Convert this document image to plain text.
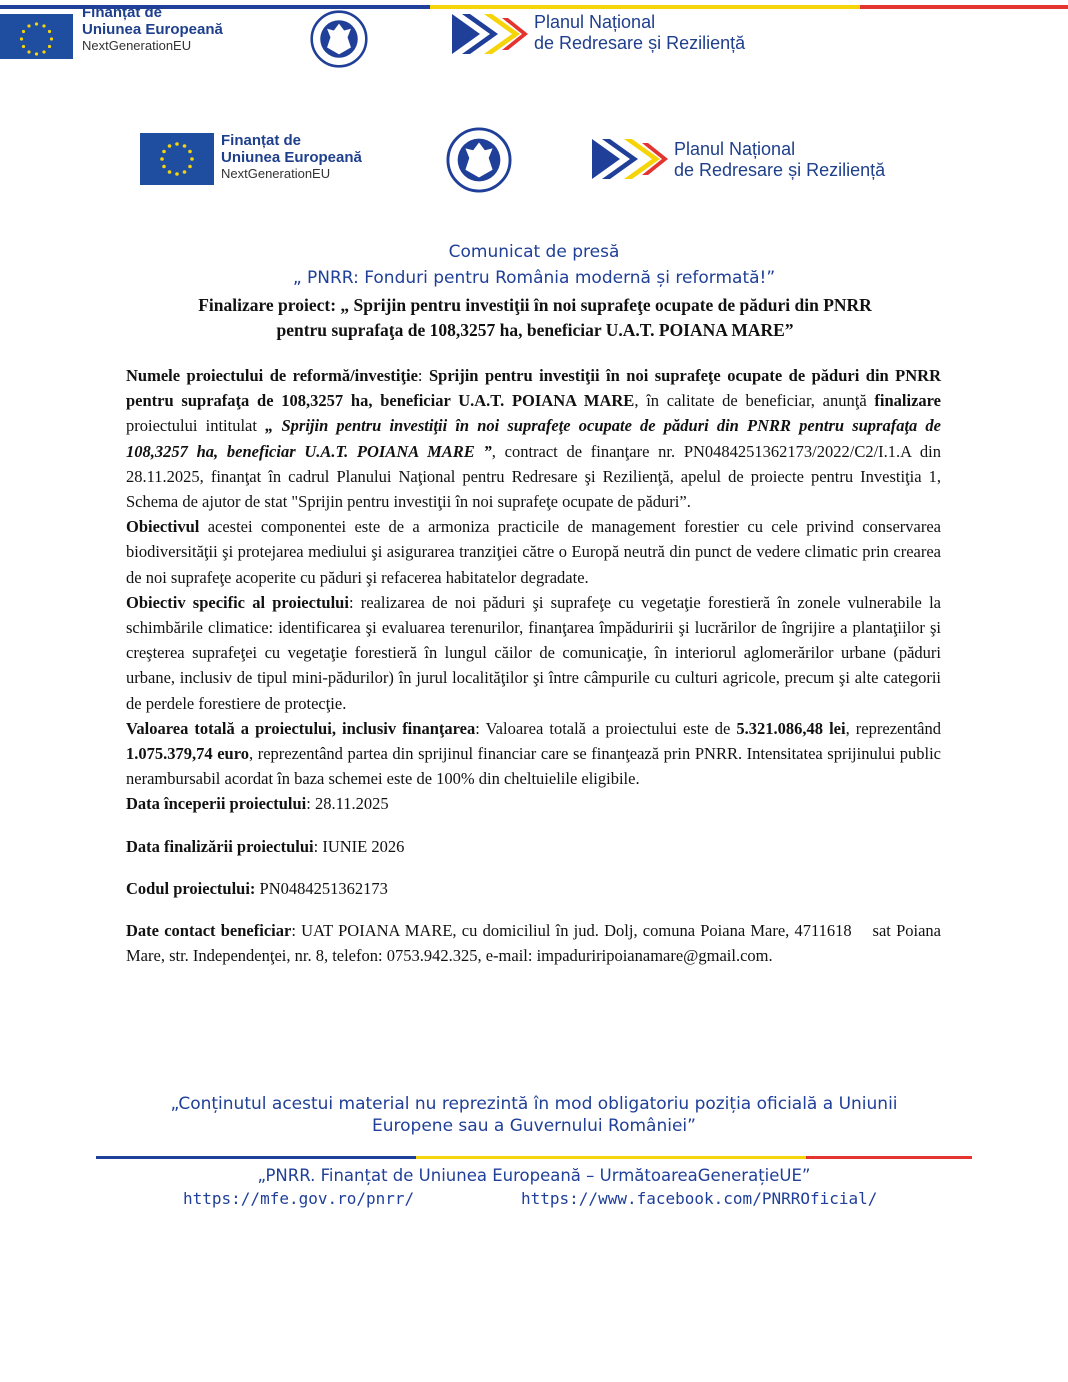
Finanțat de
Uniunea Europeană
NextGenerationEU
Planul Național
de Redresare și Reziliență
Finanțat de
Uniunea Europeană
NextGenerationEU
Planul Național
de Redresare și Reziliență
Comunicat de presă
„ PNRR: Fonduri pentru România modernă și reformată!”
Finalizare proiect: „ Sprijin pentru investiţii în noi suprafeţe ocupate de păduri din PNRR
pentru suprafaţa de 108,3257 ha, beneficiar U.A.T. POIANA MARE”

Numele proiectului de reformă/investiţie: Sprijin pentru investiţii în noi suprafeţe ocupate de păduri din PNRR pentru suprafaţa de 108,3257 ha, beneficiar U.A.T. POIANA MARE, în calitate de beneficiar, anunţă finalizare proiectului intitulat „ Sprijin pentru investiţii în noi suprafeţe ocupate de păduri din PNRR pentru suprafaţa de 108,3257 ha, beneficiar U.A.T. POIANA MARE ”, contract de finanţare nr. PN0484251362173/2022/C2/I.1.A din 28.11.2025, finanţat în cadrul Planului Naţional pentru Redresare şi Rezilienţă, apelul de proiecte pentru Investiţia 1, Schema de ajutor de stat "Sprijin pentru investiţii în noi suprafeţe ocupate de păduri”.

Obiectivul acestei componentei este de a armoniza practicile de management forestier cu cele privind conservarea biodiversităţii şi protejarea mediului şi asigurarea tranziţiei către o Europă neutră din punct de vedere climatic prin crearea de noi suprafeţe acoperite cu păduri şi refacerea habitatelor degradate.

Obiectiv specific al proiectului: realizarea de noi păduri şi suprafeţe cu vegetaţie forestieră în zonele vulnerabile la schimbările climatice: identificarea şi evaluarea terenurilor, finanţarea împăduririi şi lucrărilor de îngrijire a plantaţiilor şi creşterea suprafeţei cu vegetaţie forestieră în lungul căilor de comunicaţie, în interiorul aglomerărilor urbane (păduri urbane, inclusiv de tipul mini-pădurilor) în jurul localităţilor şi între câmpurile cu culturi agricole, precum şi alte categorii de perdele forestiere de protecţie.

Valoarea totală a proiectului, inclusiv finanţarea: Valoarea totală a proiectului este de 5.321.086,48 lei, reprezentând 1.075.379,74 euro, reprezentând partea din sprijinul financiar care se finanţează prin PNRR. Intensitatea sprijinului public nerambursabil acordat în baza schemei este de 100% din cheltuielile eligibile.

Data începerii proiectului: 28.11.2025

Data finalizării proiectului: IUNIE 2026

Codul proiectului: PN0484251362173

Date contact beneficiar: UAT POIANA MARE, cu domiciliul în jud. Dolj, comuna Poiana Mare, 4711618    sat Poiana Mare, str. Independenţei, nr. 8, telefon: 0753.942.325, e-mail: impaduriripoianamare@gmail.com.

„Conținutul acestui material nu reprezintă în mod obligatoriu poziția oficială a Uniunii
Europene sau a Guvernului României”
„PNRR. Finanțat de Uniunea Europeană – UrmătoareaGenerațieUE”
https://mfe.gov.ro/pnrr/	https://www.facebook.com/PNRROficial/
